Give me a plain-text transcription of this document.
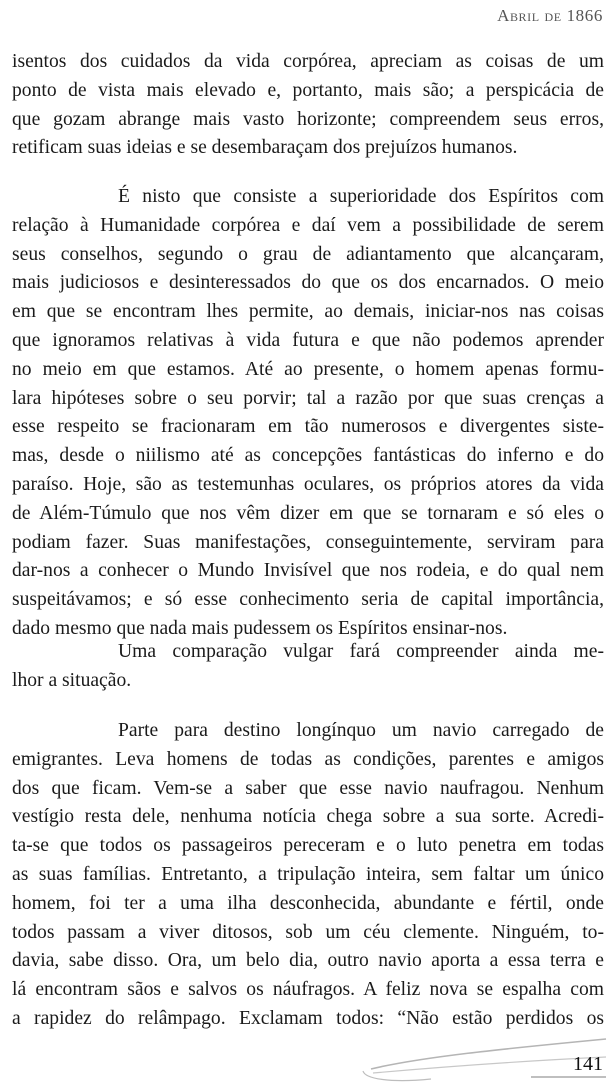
Abril de 1866
isentos dos cuidados da vida corpórea, apreciam as coisas de um
ponto de vista mais elevado e, portanto, mais são; a perspicácia de
que gozam abrange mais vasto horizonte; compreendem seus erros,
retificam suas ideias e se desembaraçam dos prejuízos humanos.
É nisto que consiste a superioridade dos Espíritos com
relação à Humanidade corpórea e daí vem a possibilidade de serem
seus conselhos, segundo o grau de adiantamento que alcançaram,
mais judiciosos e desinteressados do que os dos encarnados. O meio
em que se encontram lhes permite, ao demais, iniciar-nos nas coisas
que ignoramos relativas à vida futura e que não podemos aprender
no meio em que estamos. Até ao presente, o homem apenas formu-
lara hipóteses sobre o seu porvir; tal a razão por que suas crenças a
esse respeito se fracionaram em tão numerosos e divergentes siste-
mas, desde o niilismo até as concepções fantásticas do inferno e do
paraíso. Hoje, são as testemunhas oculares, os próprios atores da vida
de Além-Túmulo que nos vêm dizer em que se tornaram e só eles o
podiam fazer. Suas manifestações, conseguintemente, serviram para
dar-nos a conhecer o Mundo Invisível que nos rodeia, e do qual nem
suspeitávamos; e só esse conhecimento seria de capital importância,
dado mesmo que nada mais pudessem os Espíritos ensinar-nos.
Uma comparação vulgar fará compreender ainda me-
lhor a situação.
Parte para destino longínquo um navio carregado de
emigrantes. Leva homens de todas as condições, parentes e amigos
dos que ficam. Vem-se a saber que esse navio naufragou. Nenhum
vestígio resta dele, nenhuma notícia chega sobre a sua sorte. Acredi-
ta-se que todos os passageiros pereceram e o luto penetra em todas
as suas famílias. Entretanto, a tripulação inteira, sem faltar um único
homem, foi ter a uma ilha desconhecida, abundante e fértil, onde
todos passam a viver ditosos, sob um céu clemente. Ninguém, to-
davia, sabe disso. Ora, um belo dia, outro navio aporta a essa terra e
lá encontram sãos e salvos os náufragos. A feliz nova se espalha com
a rapidez do relâmpago. Exclamam todos: “Não estão perdidos os
141
